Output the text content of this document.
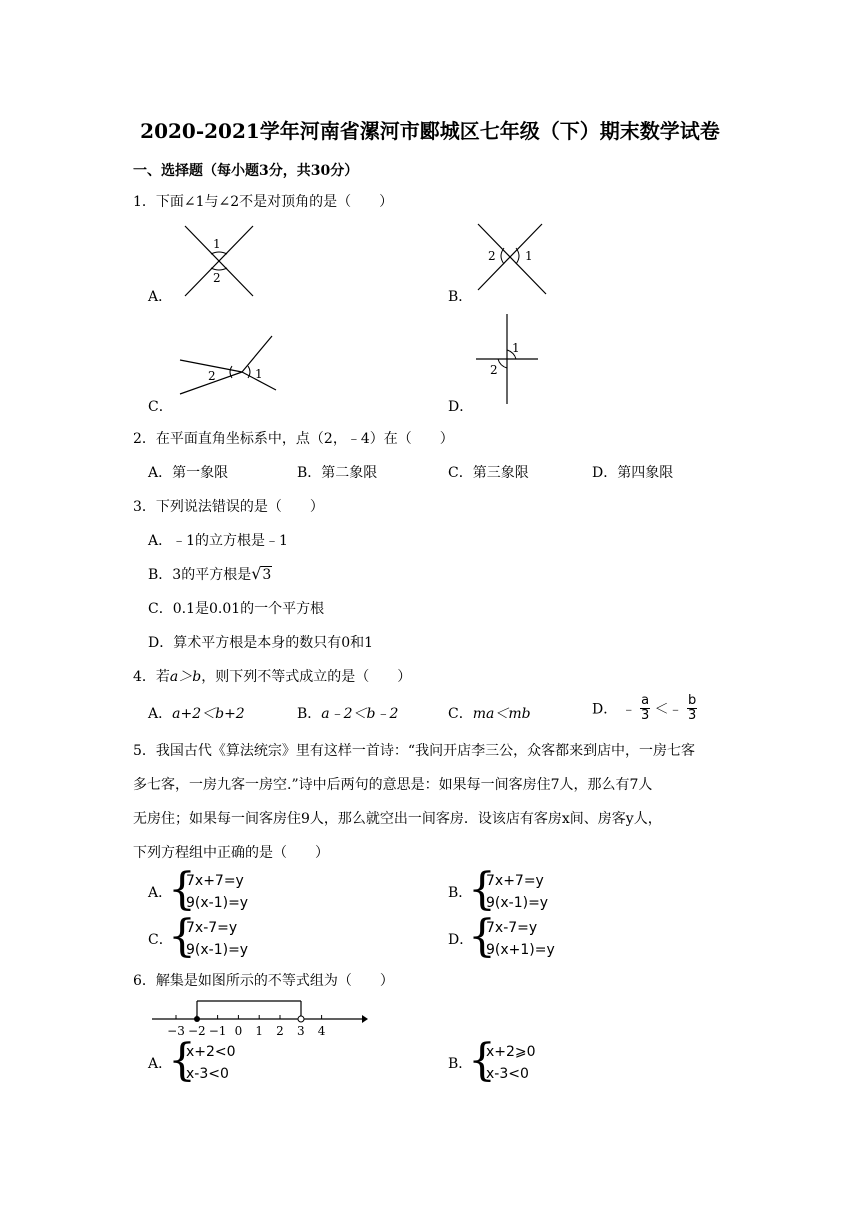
2020-2021学年河南省漯河市郾城区七年级（下）期末数学试卷
一、选择题（每小题3分，共30分）
1．下面∠1与∠2不是对顶角的是（　　）
A．
1
2
B．
2 1
C．
2	1
D．
1
2
2．在平面直角坐标系中，点（2，﹣4）在（　　）
A．第一象限	B．第二象限	C．第三象限	D．第四象限
3．下列说法错误的是（　　）
A．﹣1的立方根是﹣1
B．3的平方根是√3
C．0.1是0.01的一个平方根
D．算术平方根是本身的数只有0和1
4．若a＞b，则下列不等式成立的是（　　）
A．a+2＜b+2	B．a﹣2＜b﹣2	C．ma＜mb	D． ﹣ $\frac{a}{3}$ ＜﹣ $\frac{b}{3}$
5．我国古代《算法统宗》里有这样一首诗：“我问开店李三公，众客都来到店中，一房七客
多七客，一房九客一房空.”诗中后两句的意思是：如果每一间客房住7人，那么有7人
无房住；如果每一间客房住9人，那么就空出一间客房．设该店有客房x间、房客y人，
下列方程组中正确的是（　　）
A．
{
7x+7=y
9(x-1)=y
B．
{
7x+7=y
9(x-1)=y
C．
{
7x-7=y
9(x-1)=y
D．
{
7x-7=y
9(x+1)=y
6．解集是如图所示的不等式组为（　　）
−3 −2 −1 0 1 2 3 4
A．
{
x+2<0
x-3<0
B．
{
x+2⩾0
x-3<0
